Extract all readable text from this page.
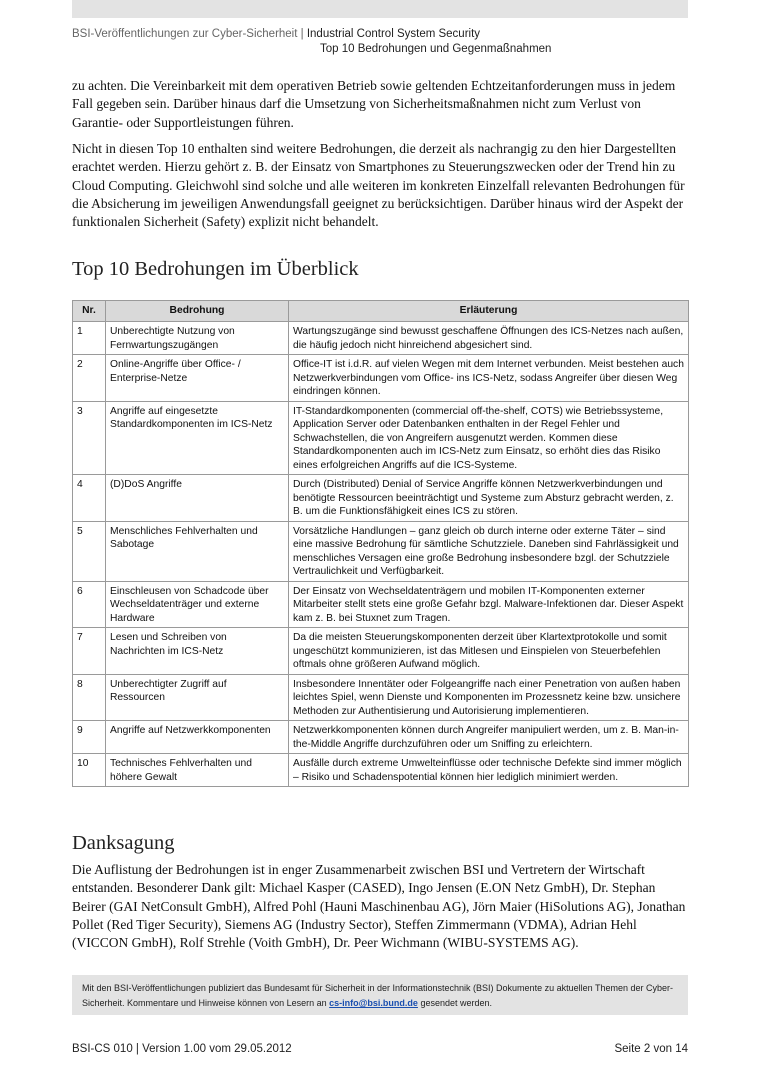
BSI-Veröffentlichungen zur Cyber-Sicherheit | Industrial Control System Security
Top 10 Bedrohungen und Gegenmaßnahmen

zu achten. Die Vereinbarkeit mit dem operativen Betrieb sowie geltenden Echtzeitanforderungen muss in jedem Fall gegeben sein. Darüber hinaus darf die Umsetzung von Sicherheitsmaßnahmen nicht zum Verlust von Garantie- oder Supportleistungen führen.

Nicht in diesen Top 10 enthalten sind weitere Bedrohungen, die derzeit als nachrangig zu den hier Dargestellten erachtet werden. Hierzu gehört z. B. der Einsatz von Smartphones zu Steuerungszwecken oder der Trend hin zu Cloud Computing. Gleichwohl sind solche und alle weiteren im konkreten Einzelfall relevanten Bedrohungen für die Absicherung im jeweiligen Anwendungsfall geeignet zu berücksichtigen. Darüber hinaus wird der Aspekt der funktionalen Sicherheit (Safety) explizit nicht behandelt.

Top 10 Bedrohungen im Überblick
Nr.	Bedrohung	Erläuterung
1	Unberechtigte Nutzung von Fernwartungszugängen	Wartungszugänge sind bewusst geschaffene Öffnungen des ICS-Netzes nach außen, die häufig jedoch nicht hinreichend abgesichert sind.
2	Online-Angriffe über Office- / Enterprise-Netze	Office-IT ist i.d.R. auf vielen Wegen mit dem Internet verbunden. Meist bestehen auch Netzwerkverbindungen vom Office- ins ICS-Netz, sodass Angreifer über diesen Weg eindringen können.
3	Angriffe auf eingesetzte Standardkomponenten im ICS-Netz	IT-Standardkomponenten (commercial off-the-shelf, COTS) wie Betriebssysteme, Application Server oder Datenbanken enthalten in der Regel Fehler und Schwachstellen, die von Angreifern ausgenutzt werden. Kommen diese Standardkomponenten auch im ICS-Netz zum Einsatz, so erhöht dies das Risiko eines erfolgreichen Angriffs auf die ICS-Systeme.
4	(D)DoS Angriffe	Durch (Distributed) Denial of Service Angriffe können Netzwerkverbindungen und benötigte Ressourcen beeinträchtigt und Systeme zum Absturz gebracht werden, z. B. um die Funktionsfähigkeit eines ICS zu stören.
5	Menschliches Fehlverhalten und Sabotage	Vorsätzliche Handlungen – ganz gleich ob durch interne oder externe Täter – sind eine massive Bedrohung für sämtliche Schutzziele. Daneben sind Fahrlässigkeit und menschliches Versagen eine große Bedrohung insbesondere bzgl. der Schutzziele Vertraulichkeit und Verfügbarkeit.
6	Einschleusen von Schadcode über Wechseldatenträger und externe Hardware	Der Einsatz von Wechseldatenträgern und mobilen IT-Komponenten externer Mitarbeiter stellt stets eine große Gefahr bzgl. Malware-Infektionen dar. Dieser Aspekt kam z. B. bei Stuxnet zum Tragen.
7	Lesen und Schreiben von Nachrichten im ICS-Netz	Da die meisten Steuerungskomponenten derzeit über Klartextprotokolle und somit ungeschützt kommunizieren, ist das Mitlesen und Einspielen von Steuerbefehlen oftmals ohne größeren Aufwand möglich.
8	Unberechtigter Zugriff auf Ressourcen	Insbesondere Innentäter oder Folgeangriffe nach einer Penetration von außen haben leichtes Spiel, wenn Dienste und Komponenten im Prozessnetz keine bzw. unsichere Methoden zur Authentisierung und Autorisierung implementieren.
9	Angriffe auf Netzwerkkomponenten	Netzwerkkomponenten können durch Angreifer manipuliert werden, um z. B. Man-in-the-Middle Angriffe durchzuführen oder um Sniffing zu erleichtern.
10	Technisches Fehlverhalten und höhere Gewalt	Ausfälle durch extreme Umwelteinflüsse oder technische Defekte sind immer möglich – Risiko und Schadenspotential können hier lediglich minimiert werden.
Danksagung

Die Auflistung der Bedrohungen ist in enger Zusammenarbeit zwischen BSI und Vertretern der Wirtschaft entstanden. Besonderer Dank gilt: Michael Kasper (CASED), Ingo Jensen (E.ON Netz GmbH), Dr. Stephan Beirer (GAI NetConsult GmbH), Alfred Pohl (Hauni Maschinenbau AG), Jörn Maier (HiSolutions AG), Jonathan Pollet (Red Tiger Security), Siemens AG (Industry Sector), Steffen Zimmermann (VDMA), Adrian Hehl (VICCON GmbH), Rolf Strehle (Voith GmbH), Dr. Peer Wichmann (WIBU-SYSTEMS AG).

Mit den BSI-Veröffentlichungen publiziert das Bundesamt für Sicherheit in der Informationstechnik (BSI) Dokumente zu aktuellen Themen der Cyber-Sicherheit. Kommentare und Hinweise können von Lesern an cs-info@bsi.bund.de gesendet werden.

BSI-CS 010 | Version 1.00 vom 29.05.2012	Seite 2 von 14
